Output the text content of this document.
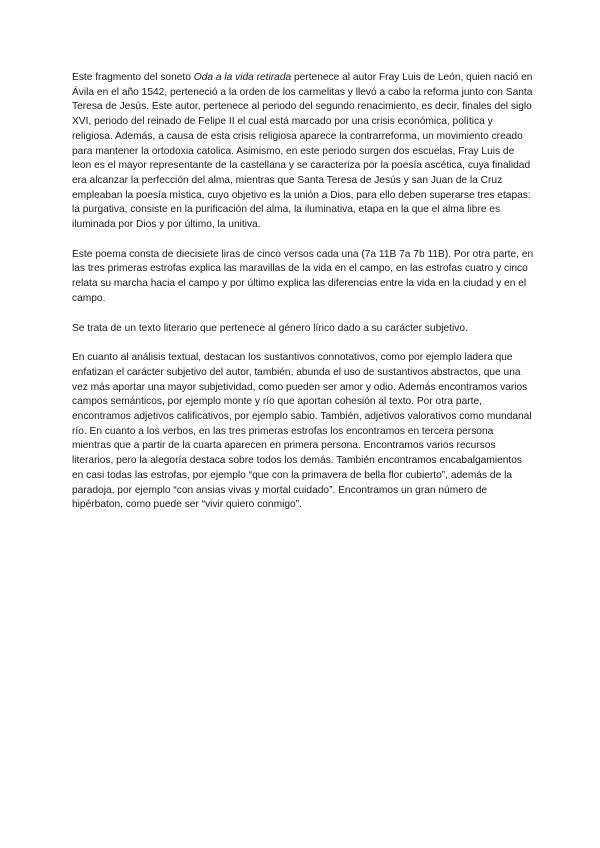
Este fragmento del soneto Oda a la vida retirada pertenece al autor Fray Luis de León, quien nació en Ávila en el año 1542, perteneció a la orden de los carmelitas y llevó a cabo la reforma junto con Santa Teresa de Jesús. Este autor, pertenece al periodo del segundo renacimiento, es decir, finales del siglo XVI, periodo del reinado de Felipe II el cual está marcado por una crisis económica, política y religiosa. Además, a causa de esta crisis religiosa aparece la contrarreforma, un movimiento creado para mantener la ortodoxia catolica. Asimismo, en este periodo surgen dos escuelas, Fray Luis de leon es el mayor representante de la castellana y se caracteriza por la poesía ascética, cuya finalidad era alcanzar la perfección del alma, mientras que Santa Teresa de Jesús y san Juan de la Cruz empleaban la poesía mística, cuyo objetivo es la unión a Dios, para ello deben superarse tres etapas: la purgativa, consiste en la purificación del alma, la iluminativa, etapa en la que el alma libre es iluminada por Dios y por último, la unitiva.

Este poema consta de diecisiete liras de cinco versos cada una (7a 11B 7a 7b 11B). Por otra parte, en las tres primeras estrofas explica las maravillas de la vida en el campo, en las estrofas cuatro y cinco relata su marcha hacia el campo y por último explica las diferencias entre la vida en la ciudad y en el campo.

Se trata de un texto literario que pertenece al género lírico dado a su carácter subjetivo.

En cuanto al análisis textual, destacan los sustantivos connotativos, como por ejemplo ladera que enfatizan el carácter subjetivo del autor, también, abunda el uso de sustantivos abstractos, que una vez más aportar una mayor subjetividad, como pueden ser amor y odio. Además encontramos varios campos semánticos, por ejemplo monte y río que aportan cohesión al texto. Por otra parte, encontramos adjetivos calificativos, por ejemplo sabio. También, adjetivos valorativos como mundanal río. En cuanto a los verbos, en las tres primeras estrofas los encontramos en tercera persona mientras que a partir de la cuarta aparecen en primera persona. Encontramos varios recursos literarios, pero la alegoría destaca sobre todos los demás. También encontramos encabalgamientos en casi todas las estrofas, por ejemplo “que con la primavera de bella flor cubierto”, además de la paradoja, por ejemplo “con ansias vivas y mortal cuidado”. Encontramos un gran número de hipérbaton, como puede ser “vivir quiero conmigo”.
